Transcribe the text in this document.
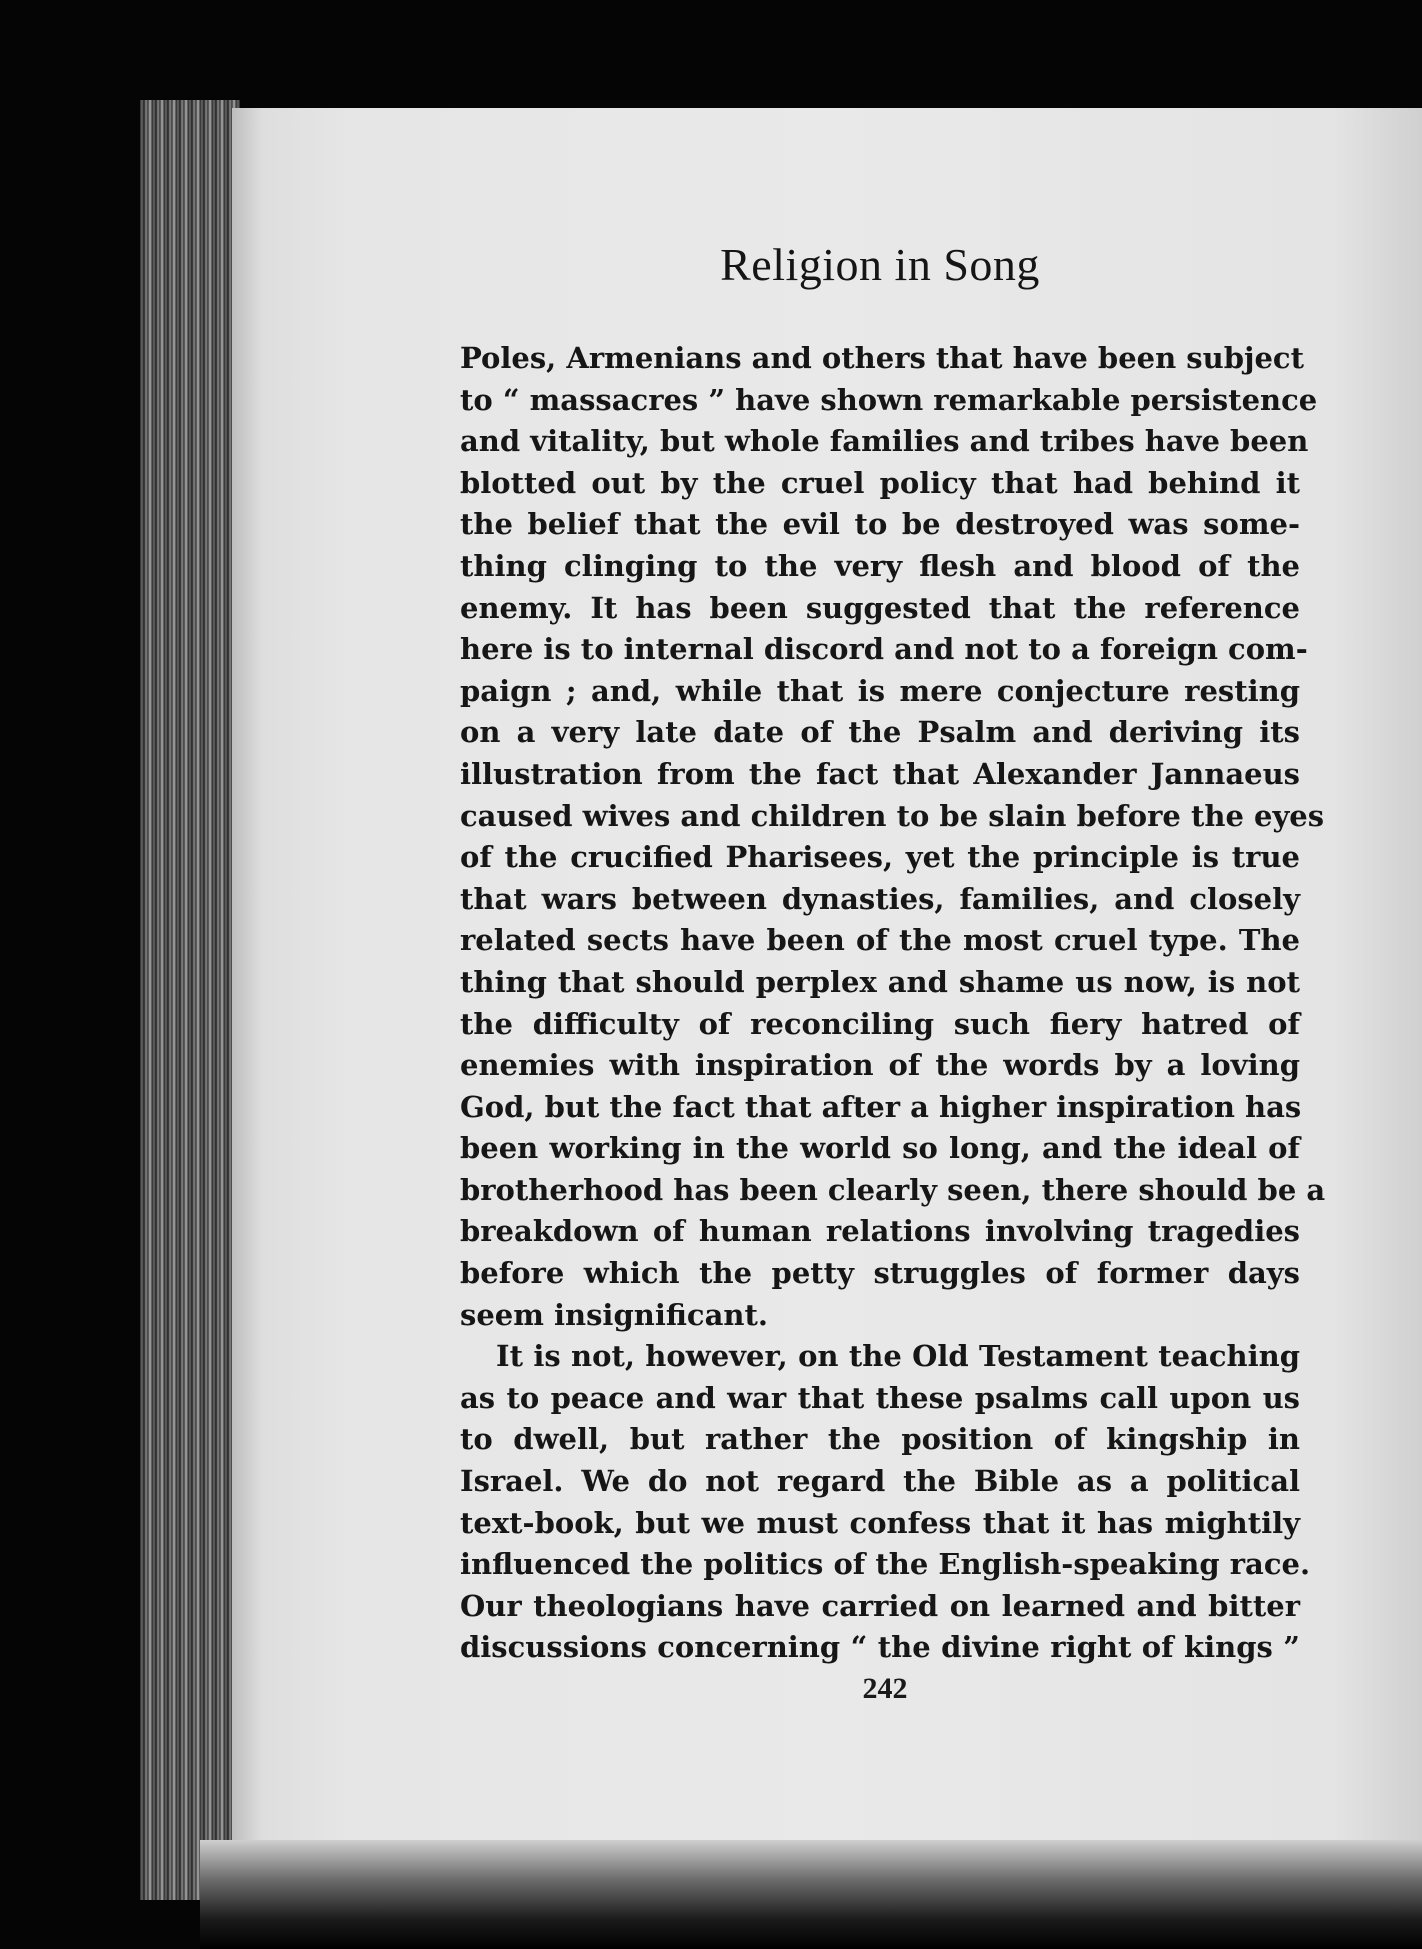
Religion in Song
Poles, Armenians and others that have been subject
to “ massacres ” have shown remarkable persistence
and vitality, but whole families and tribes have been
blotted out by the cruel policy that had behind it
the belief that the evil to be destroyed was some-
thing clinging to the very flesh and blood of the
enemy. It has been suggested that the reference
here is to internal discord and not to a foreign com-
paign ; and, while that is mere conjecture resting
on a very late date of the Psalm and deriving its
illustration from the fact that Alexander Jannaeus
caused wives and children to be slain before the eyes
of the crucified Pharisees, yet the principle is true
that wars between dynasties, families, and closely
related sects have been of the most cruel type. The
thing that should perplex and shame us now, is not
the difficulty of reconciling such fiery hatred of
enemies with inspiration of the words by a loving
God, but the fact that after a higher inspiration has
been working in the world so long, and the ideal of
brotherhood has been clearly seen, there should be a
breakdown of human relations involving tragedies
before which the petty struggles of former days
seem insignificant.
It is not, however, on the Old Testament teaching
as to peace and war that these psalms call upon us
to dwell, but rather the position of kingship in
Israel. We do not regard the Bible as a political
text-book, but we must confess that it has mightily
influenced the politics of the English-speaking race.
Our theologians have carried on learned and bitter
discussions concerning “ the divine right of kings ”
242
